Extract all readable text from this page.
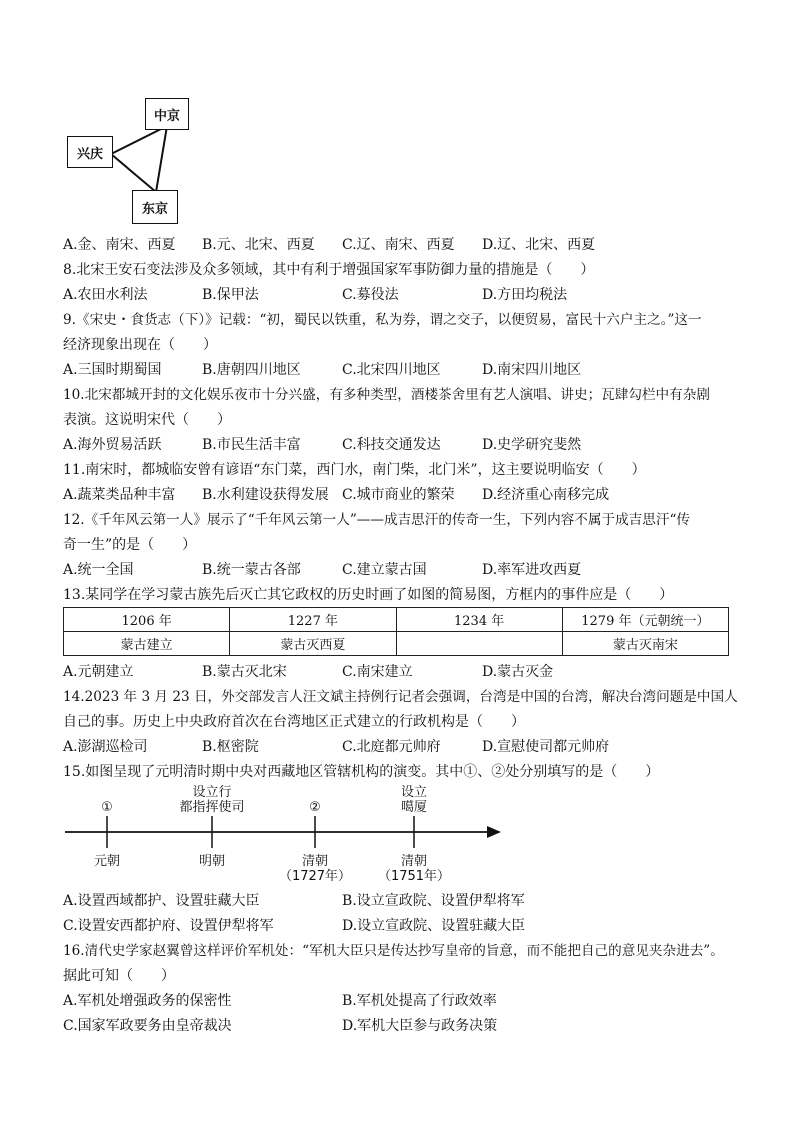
中京
兴庆
东京
A.金、南宋、西夏 B.元、北宋、西夏 C.辽、南宋、西夏 D.辽、北宋、西夏
8.北宋王安石变法涉及众多领域，其中有利于增强国家军事防御力量的措施是（　　）
A.农田水利法	B.保甲法	C.募役法	D.方田均税法
9.《宋史・食货志（下）》记载：“初，蜀民以铁重，私为券，谓之交子，以便贸易，富民十六户主之。”这一
经济现象出现在（　　）
A.三国时期蜀国	B.唐朝四川地区	C.北宋四川地区	D.南宋四川地区
10.北宋都城开封的文化娱乐夜市十分兴盛，有多种类型，酒楼茶舍里有艺人演唱、讲史；瓦肆勾栏中有杂剧
表演。这说明宋代（　　）
A.海外贸易活跃	B.市民生活丰富	C.科技交通发达	D.史学研究斐然
11.南宋时，都城临安曾有谚语“东门菜，西门水，南门柴，北门米”，这主要说明临安（　　）
A.蔬菜类品种丰富 B.水利建设获得发展 C.城市商业的繁荣 D.经济重心南移完成
12.《千年风云第一人》展示了“千年风云第一人”——成吉思汗的传奇一生，下列内容不属于成吉思汗“传
奇一生”的是（　　）
A.统一全国	B.统一蒙古各部	C.建立蒙古国	D.率军进攻西夏
13.某同学在学习蒙古族先后灭亡其它政权的历史时画了如图的简易图，方框内的事件应是（　　）
1206 年	1227 年	1234 年	1279 年（元朝统一）
蒙古建立	蒙古灭西夏		蒙古灭南宋
A.元朝建立	B.蒙古灭北宋	C.南宋建立	D.蒙古灭金
14.2023 年 3 月 23 日，外交部发言人汪文斌主持例行记者会强调，台湾是中国的台湾，解决台湾问题是中国人
自己的事。历史上中央政府首次在台湾地区正式建立的行政机构是（　　）
A.澎湖巡检司	B.枢密院	C.北庭都元帅府	D.宣慰使司都元帅府
15.如图呈现了元明清时期中央对西藏地区管辖机构的演变。其中①、②处分别填写的是（　　）
①
设立行
都指挥使司	②
设立
噶厦
元朝	明朝	清朝
（1727年）
清朝
（1751年）
A.设置西域都护、设置驻藏大臣	B.设立宣政院、设置伊犁将军
C.设置安西都护府、设置伊犁将军	D.设立宣政院、设置驻藏大臣
16.清代史学家赵翼曾这样评价军机处：“军机大臣只是传达抄写皇帝的旨意，而不能把自己的意见夹杂进去”。
据此可知（　　）
A.军机处增强政务的保密性	B.军机处提高了行政效率
C.国家军政要务由皇帝裁决	D.军机大臣参与政务决策
